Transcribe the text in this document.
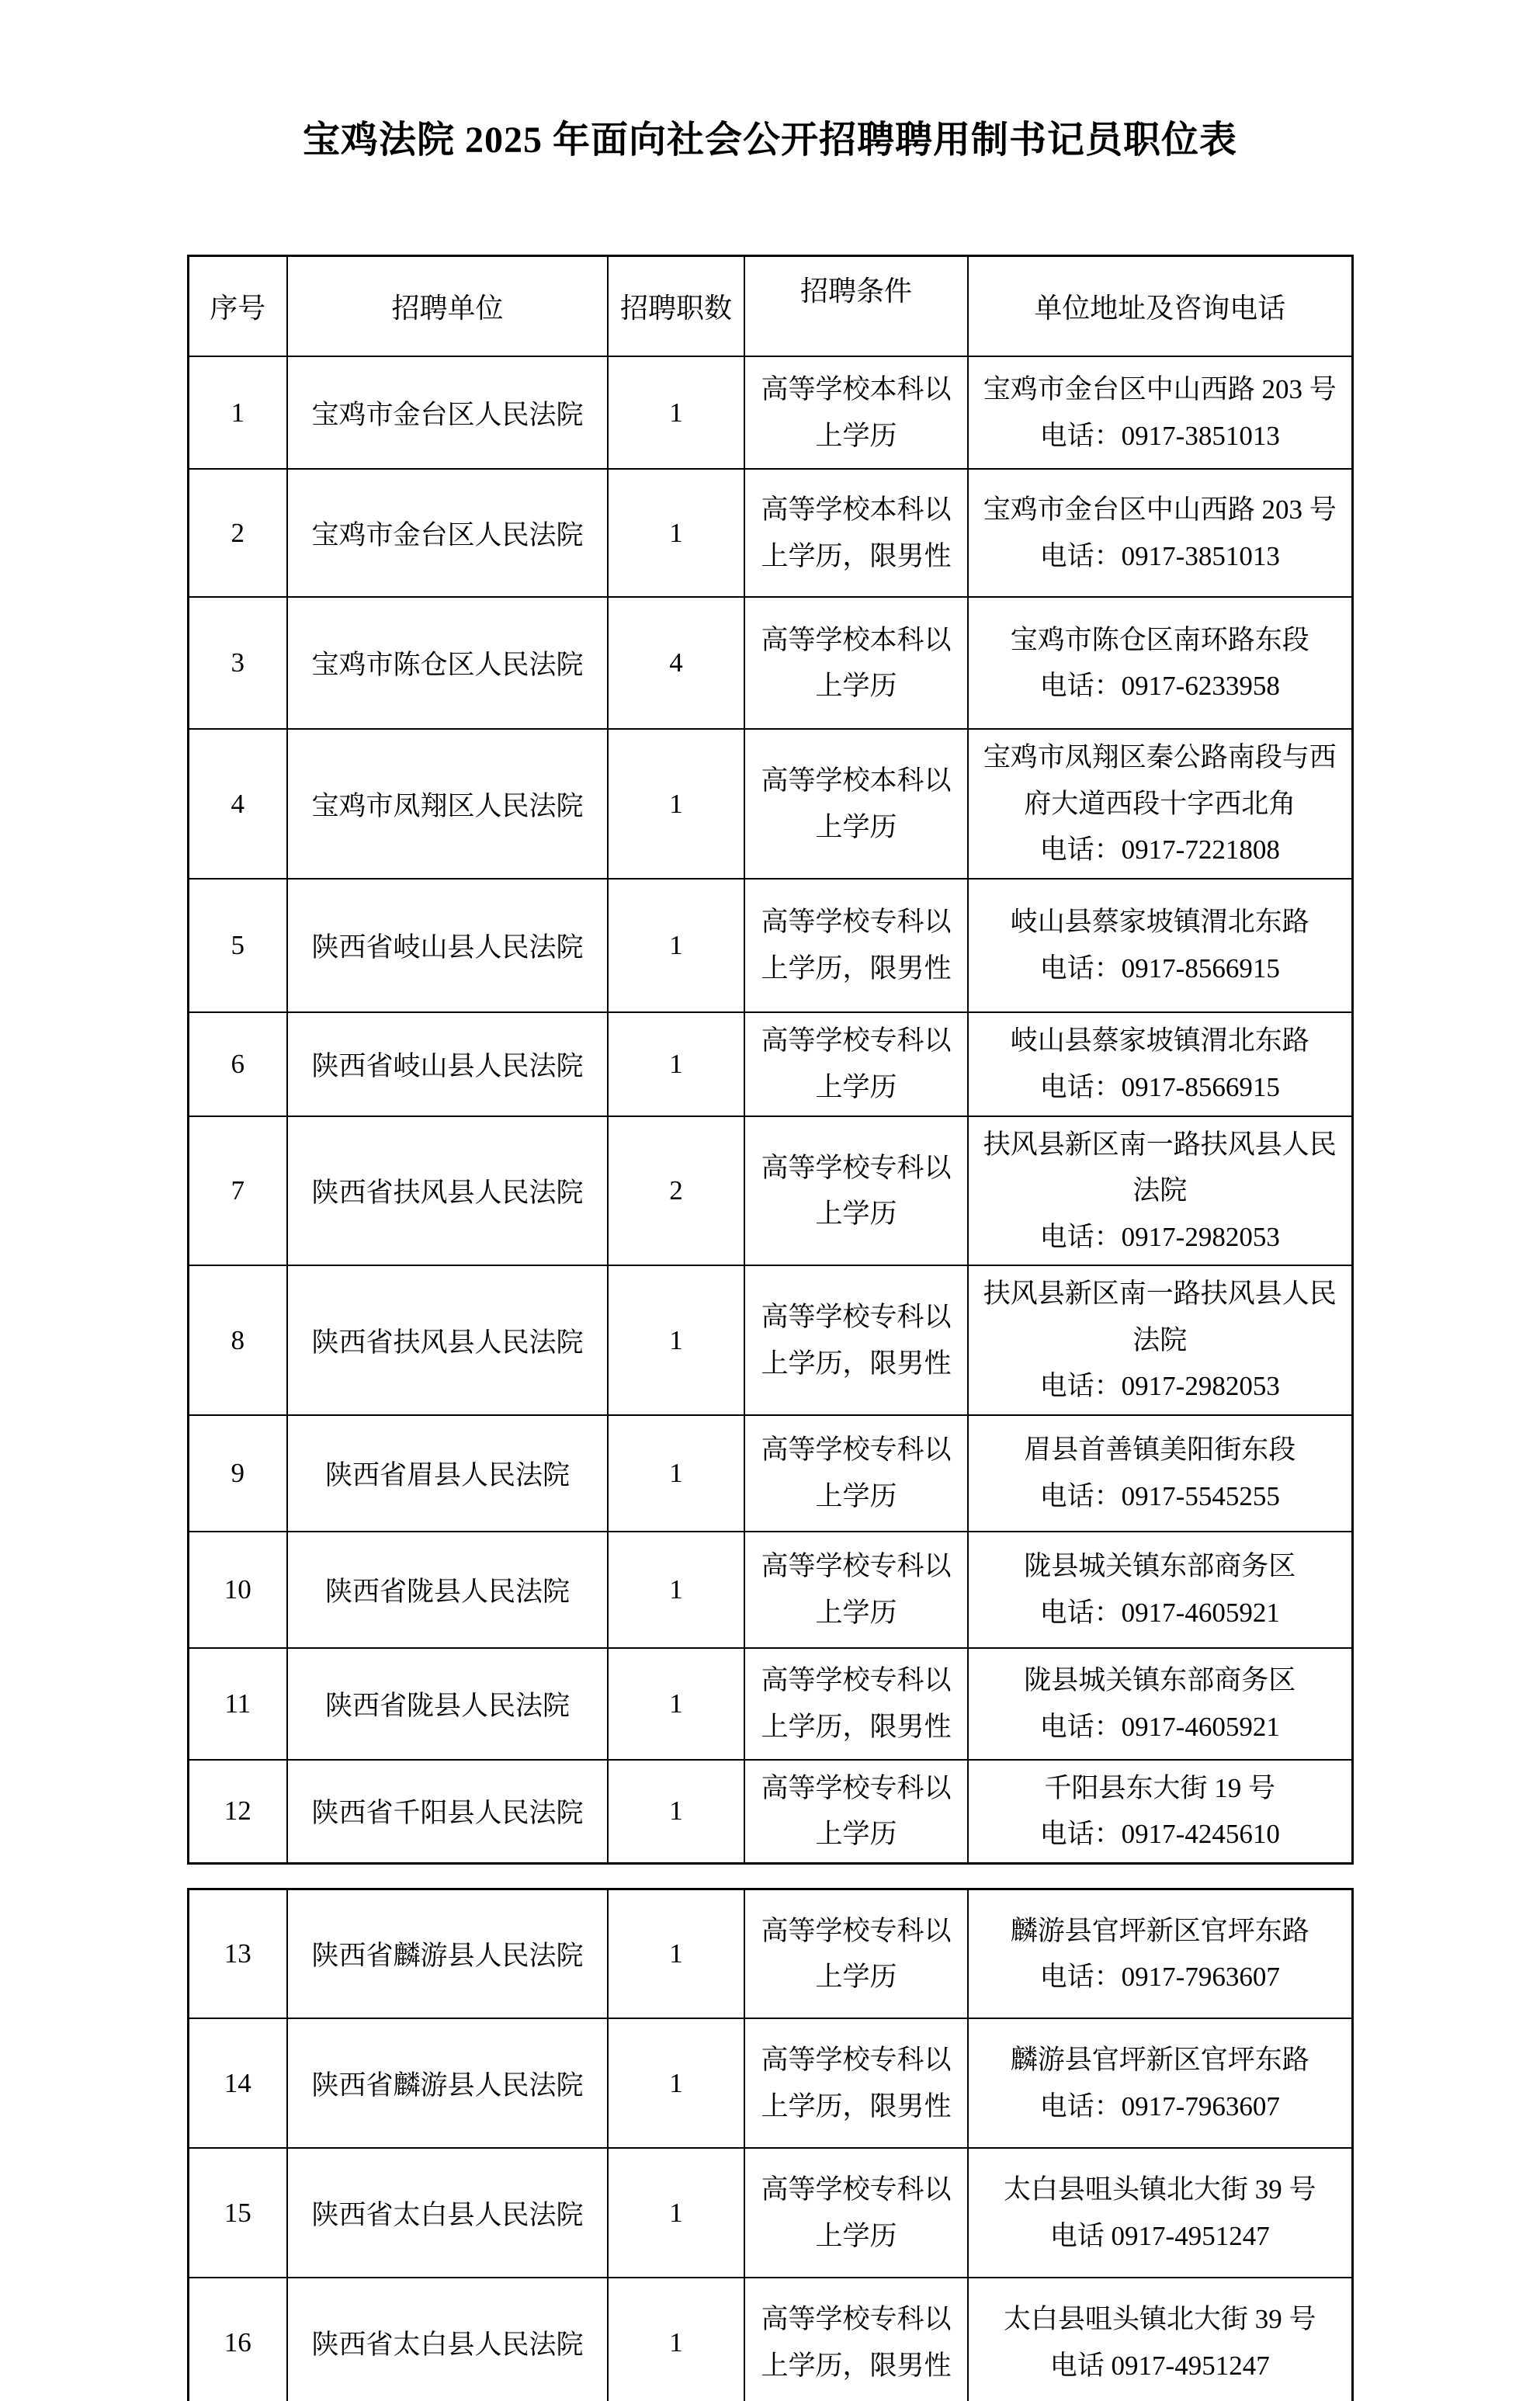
宝鸡法院 2025 年面向社会公开招聘聘用制书记员职位表
序号	招聘单位	招聘职数	招聘条件	单位地址及咨询电话
1	宝鸡市金台区人民法院	1	高等学校本科以上学历	宝鸡市金台区中山西路 203 号
电话：0917-3851013

2	宝鸡市金台区人民法院	1	高等学校本科以上学历，限男性	宝鸡市金台区中山西路 203 号
电话：0917-3851013

3	宝鸡市陈仓区人民法院	4	高等学校本科以上学历	宝鸡市陈仓区南环路东段
电话：0917-6233958

4	宝鸡市凤翔区人民法院	1	高等学校本科以上学历	宝鸡市凤翔区秦公路南段与西府大道西段十字西北角
电话：0917-7221808

5	陕西省岐山县人民法院	1	高等学校专科以上学历，限男性	岐山县蔡家坡镇渭北东路
电话：0917-8566915

6	陕西省岐山县人民法院	1	高等学校专科以上学历	岐山县蔡家坡镇渭北东路
电话：0917-8566915

7	陕西省扶风县人民法院	2	高等学校专科以上学历	扶风县新区南一路扶风县人民法院
电话：0917-2982053

8	陕西省扶风县人民法院	1	高等学校专科以上学历，限男性	扶风县新区南一路扶风县人民法院
电话：0917-2982053

9	陕西省眉县人民法院	1	高等学校专科以上学历	眉县首善镇美阳街东段
电话：0917-5545255

10	陕西省陇县人民法院	1	高等学校专科以上学历	陇县城关镇东部商务区
电话：0917-4605921

11	陕西省陇县人民法院	1	高等学校专科以上学历，限男性	陇县城关镇东部商务区
电话：0917-4605921

12	陕西省千阳县人民法院	1	高等学校专科以上学历	千阳县东大街 19 号
电话：0917-4245610
13	陕西省麟游县人民法院	1	高等学校专科以上学历	麟游县官坪新区官坪东路
电话：0917-7963607

14	陕西省麟游县人民法院	1	高等学校专科以上学历，限男性	麟游县官坪新区官坪东路
电话：0917-7963607

15	陕西省太白县人民法院	1	高等学校专科以上学历	太白县咀头镇北大街 39 号
电话 0917-4951247

16	陕西省太白县人民法院	1	高等学校专科以上学历，限男性	太白县咀头镇北大街 39 号
电话 0917-4951247
